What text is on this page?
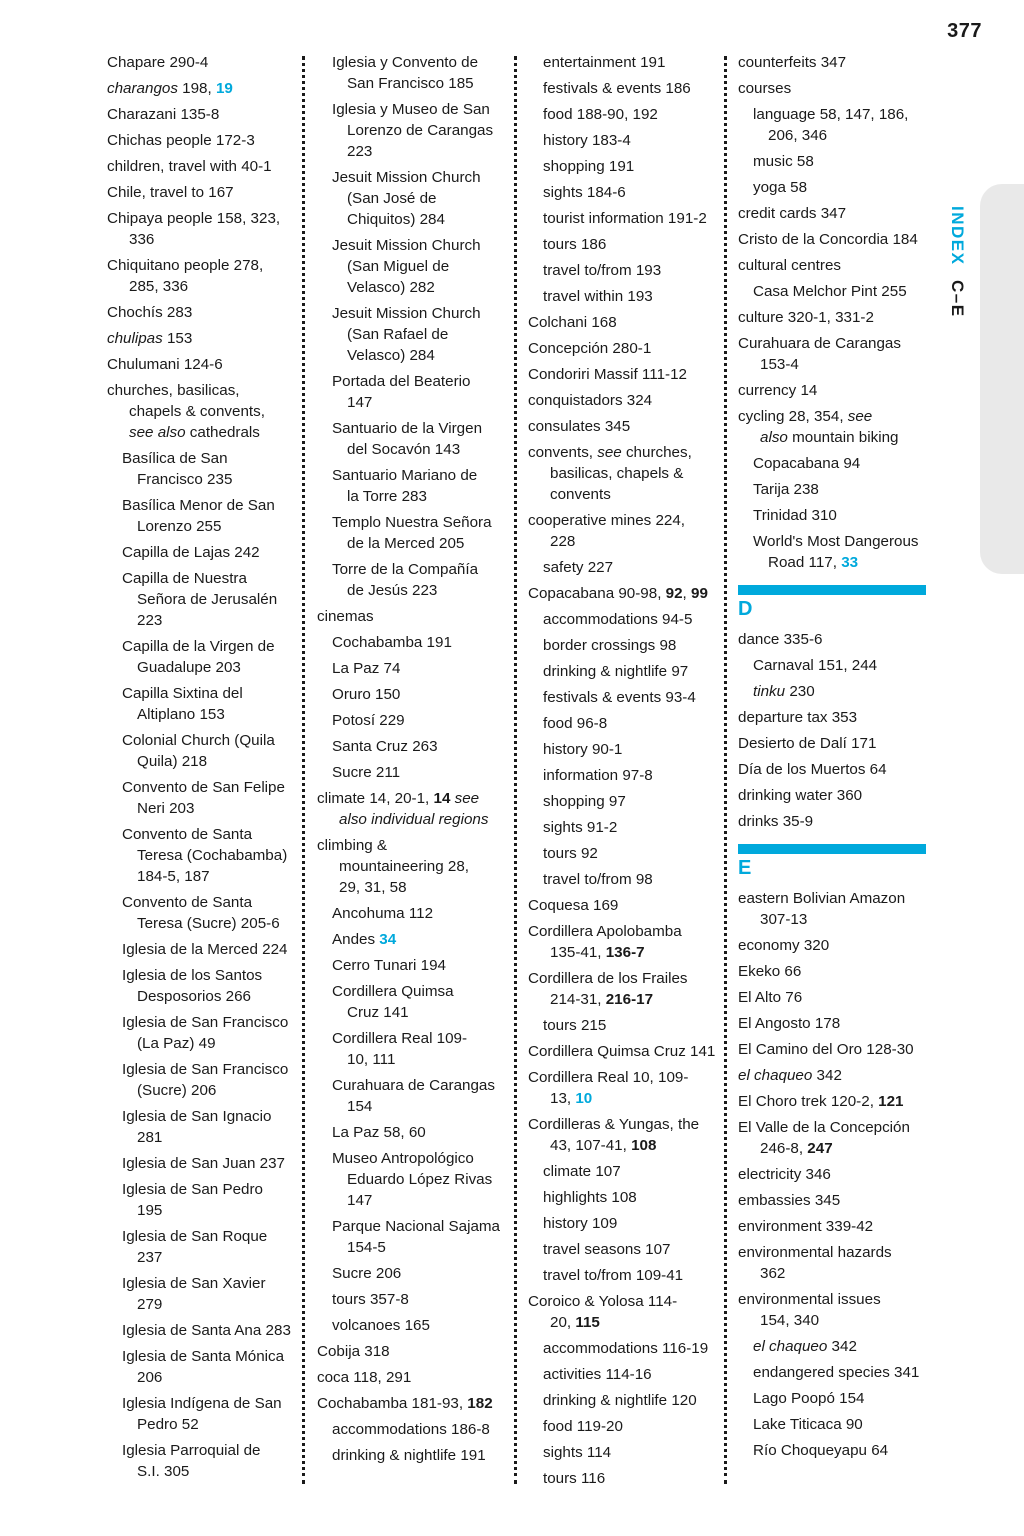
377
INDEX C–E
Chapare 290-4
charangos 198, 19
Charazani 135-8
Chichas people 172-3
children, travel with 40-1
Chile, travel to 167
Chipaya people 158, 323,
336
Chiquitano people 278,
285, 336
Chochís 283
chulipas 153
Chulumani 124-6
churches, basilicas,
chapels & convents,
see also cathedrals
Basílica de San
Francisco 235
Basílica Menor de San
Lorenzo 255
Capilla de Lajas 242
Capilla de Nuestra
Señora de Jerusalén
223
Capilla de la Virgen de
Guadalupe 203
Capilla Sixtina del
Altiplano 153
Colonial Church (Quila
Quila) 218
Convento de San Felipe
Neri 203
Convento de Santa
Teresa (Cochabamba)
184-5, 187
Convento de Santa
Teresa (Sucre) 205-6
Iglesia de la Merced 224
Iglesia de los Santos
Desposorios 266
Iglesia de San Francisco
(La Paz) 49
Iglesia de San Francisco
(Sucre) 206
Iglesia de San Ignacio
281
Iglesia de San Juan 237
Iglesia de San Pedro
195
Iglesia de San Roque
237
Iglesia de San Xavier
279
Iglesia de Santa Ana 283
Iglesia de Santa Mónica
206
Iglesia Indígena de San
Pedro 52
Iglesia Parroquial de
S.I. 305
Iglesia y Convento de
San Francisco 185
Iglesia y Museo de San
Lorenzo de Carangas
223
Jesuit Mission Church
(San José de
Chiquitos) 284
Jesuit Mission Church
(San Miguel de
Velasco) 282
Jesuit Mission Church
(San Rafael de
Velasco) 284
Portada del Beaterio
147
Santuario de la Virgen
del Socavón 143
Santuario Mariano de
la Torre 283
Templo Nuestra Señora
de la Merced 205
Torre de la Compañía
de Jesús 223
cinemas
Cochabamba 191
La Paz 74
Oruro 150
Potosí 229
Santa Cruz 263
Sucre 211
climate 14, 20-1, 14 see
also individual regions
climbing &
mountaineering 28,
29, 31, 58
Ancohuma 112
Andes 34
Cerro Tunari 194
Cordillera Quimsa
Cruz 141
Cordillera Real 109-
10, 111
Curahuara de Carangas
154
La Paz 58, 60
Museo Antropológico
Eduardo López Rivas
147
Parque Nacional Sajama
154-5
Sucre 206
tours 357-8
volcanoes 165
Cobija 318
coca 118, 291
Cochabamba 181-93, 182
accommodations 186-8
drinking & nightlife 191
entertainment 191
festivals & events 186
food 188-90, 192
history 183-4
shopping 191
sights 184-6
tourist information 191-2
tours 186
travel to/from 193
travel within 193
Colchani 168
Concepción 280-1
Condoriri Massif 111-12
conquistadors 324
consulates 345
convents, see churches,
basilicas, chapels &
convents
cooperative mines 224,
228
safety 227
Copacabana 90-98, 92, 99
accommodations 94-5
border crossings 98
drinking & nightlife 97
festivals & events 93-4
food 96-8
history 90-1
information 97-8
shopping 97
sights 91-2
tours 92
travel to/from 98
Coquesa 169
Cordillera Apolobamba
135-41, 136-7
Cordillera de los Frailes
214-31, 216-17
tours 215
Cordillera Quimsa Cruz 141
Cordillera Real 10, 109-
13, 10
Cordilleras & Yungas, the
43, 107-41, 108
climate 107
highlights 108
history 109
travel seasons 107
travel to/from 109-41
Coroico & Yolosa 114-
20, 115
accommodations 116-19
activities 114-16
drinking & nightlife 120
food 119-20
sights 114
tours 116
counterfeits 347
courses
language 58, 147, 186,
206, 346
music 58
yoga 58
credit cards 347
Cristo de la Concordia 184
cultural centres
Casa Melchor Pint 255
culture 320-1, 331-2
Curahuara de Carangas
153-4
currency 14
cycling 28, 354, see
also mountain biking
Copacabana 94
Tarija 238
Trinidad 310
World's Most Dangerous
Road 117, 33
D
dance 335-6
Carnaval 151, 244
tinku 230
departure tax 353
Desierto de Dalí 171
Día de los Muertos 64
drinking water 360
drinks 35-9
E
eastern Bolivian Amazon
307-13
economy 320
Ekeko 66
El Alto 76
El Angosto 178
El Camino del Oro 128-30
el chaqueo 342
El Choro trek 120-2, 121
El Valle de la Concepción
246-8, 247
electricity 346
embassies 345
environment 339-42
environmental hazards
362
environmental issues
154, 340
el chaqueo 342
endangered species 341
Lago Poopó 154
Lake Titicaca 90
Río Choqueyapu 64
